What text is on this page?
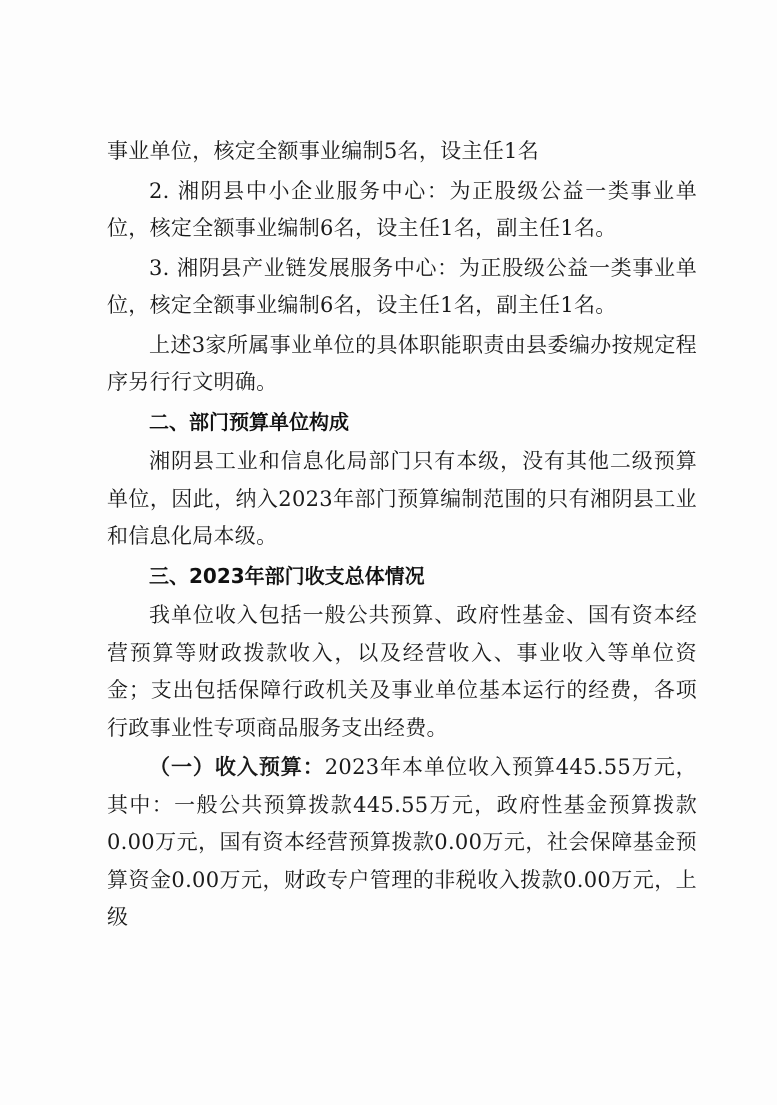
事业单位，核定全额事业编制5名，设主任1名

2. 湘阴县中小企业服务中心：为正股级公益一类事业单位，核定全额事业编制6名，设主任1名，副主任1名。

3. 湘阴县产业链发展服务中心：为正股级公益一类事业单位，核定全额事业编制6名，设主任1名，副主任1名。

上述3家所属事业单位的具体职能职责由县委编办按规定程序另行行文明确。

二、部门预算单位构成

湘阴县工业和信息化局部门只有本级，没有其他二级预算单位，因此，纳入2023年部门预算编制范围的只有湘阴县工业和信息化局本级。

三、2023年部门收支总体情况

我单位收入包括一般公共预算、政府性基金、国有资本经营预算等财政拨款收入，以及经营收入、事业收入等单位资金；支出包括保障行政机关及事业单位基本运行的经费，各项行政事业性专项商品服务支出经费。

（一）收入预算：2023年本单位收入预算445.55万元，其中：一般公共预算拨款445.55万元，政府性基金预算拨款0.00万元，国有资本经营预算拨款0.00万元，社会保障基金预算资金0.00万元，财政专户管理的非税收入拨款0.00万元，上级
